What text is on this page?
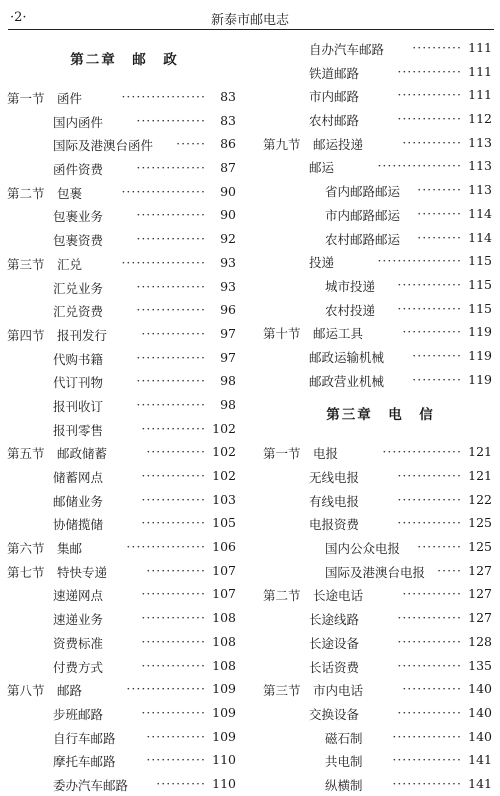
·2·	新泰市邮电志
第二章　邮　政
第一节　函件	·················	83
国内函件	··············	83
国际及港澳台函件 ······	86
函件资费	··············	87
第二节　包裹	·················	90
包裹业务	··············	90
包裹资费	··············	92
第三节　汇兑	·················	93
汇兑业务	··············	93
汇兑资费	··············	96
第四节　报刊发行	·············	97
代购书籍	··············	97
代订刊物	··············	98
报刊收订	··············	98
报刊零售	············· 102
第五节　邮政储蓄	············ 102
储蓄网点	············· 102
邮储业务	············· 103
协储揽储	············· 105
第六节　集邮	················ 106
第七节　特快专递	············ 107
速递网点	············· 107
速递业务	············· 108
资费标准	············· 108
付费方式	············· 108
第八节　邮路	················ 109
步班邮路	············· 109
自行车邮路 ············ 109
摩托车邮路 ············ 110
委办汽车邮路 ·········· 110
自办汽车邮路 ·········· 111
铁道邮路	············· 111
市内邮路	············· 111
农村邮路	············· 112
第九节　邮运投递	············ 113
邮运	················· 113
省内邮路邮运 ········· 113
市内邮路邮运 ········· 114
农村邮路邮运 ········· 114
投递	················· 115
城市投递 ············· 115
农村投递 ············· 115
第十节　邮运工具	············ 119
邮政运输机械 ·········· 119
邮政营业机械 ·········· 119
第三章　电　信
第一节　电报	················ 121
无线电报	············· 121
有线电报	············· 122
电报资费	············· 125
国内公众电报 ········· 125
国际及港澳台电报 ····· 127
第二节　长途电话	············ 127
长途线路	············· 127
长途设备	············· 128
长话资费	············· 135
第三节　市内电话	············ 140
交换设备	············· 140
磁石制 ·············· 140
共电制 ·············· 141
纵横制 ·············· 141
